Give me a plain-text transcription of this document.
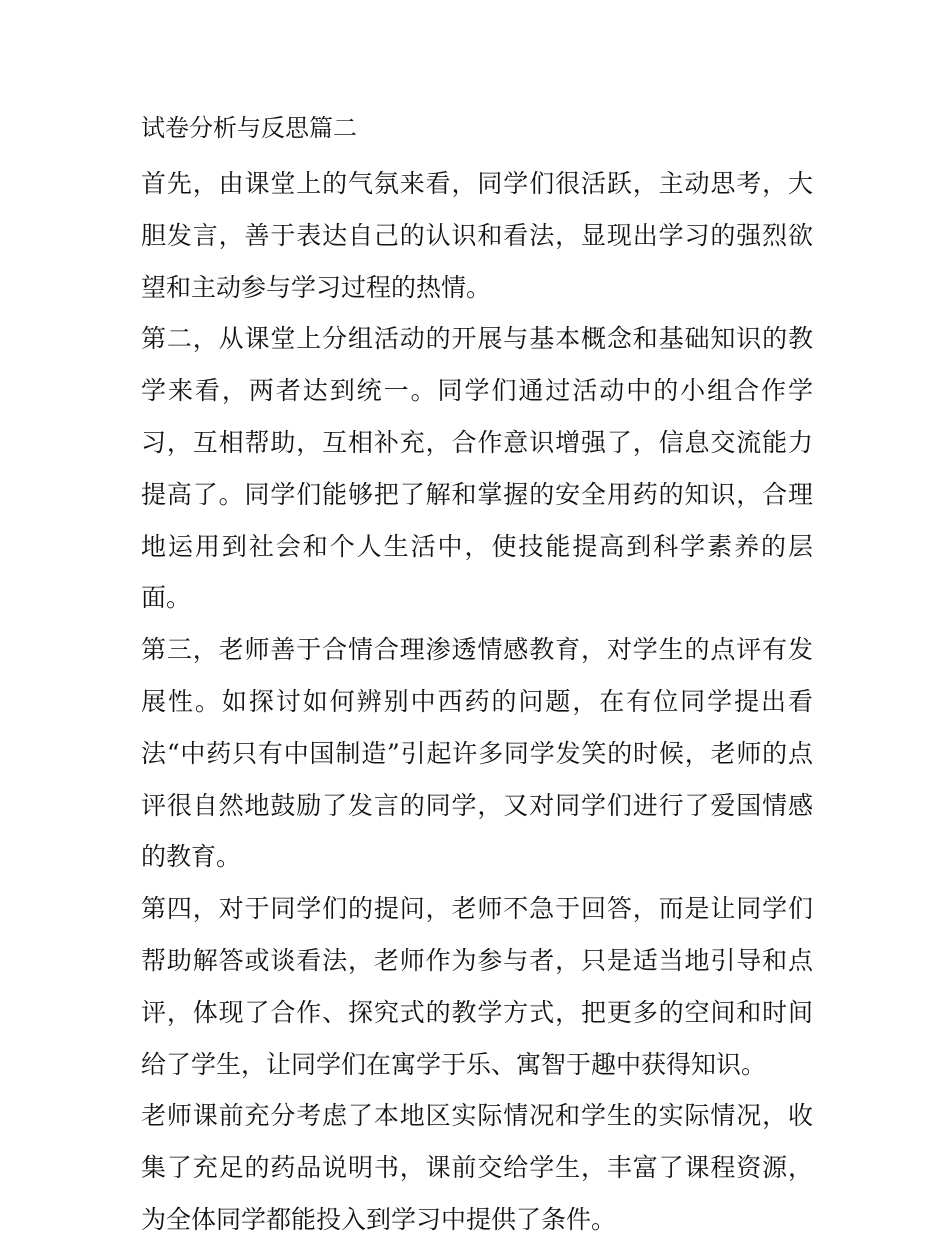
试卷分析与反思篇二

首先，由课堂上的气氛来看，同学们很活跃，主动思考，大胆发言，善于表达自己的认识和看法，显现出学习的强烈欲望和主动参与学习过程的热情。

第二，从课堂上分组活动的开展与基本概念和基础知识的教学来看，两者达到统一。同学们通过活动中的小组合作学习，互相帮助，互相补充，合作意识增强了，信息交流能力提高了。同学们能够把了解和掌握的安全用药的知识，合理地运用到社会和个人生活中，使技能提高到科学素养的层面。

第三，老师善于合情合理渗透情感教育，对学生的点评有发展性。如探讨如何辨别中西药的问题，在有位同学提出看法“中药只有中国制造”引起许多同学发笑的时候，老师的点评很自然地鼓励了发言的同学，又对同学们进行了爱国情感的教育。

第四，对于同学们的提问，老师不急于回答，而是让同学们帮助解答或谈看法，老师作为参与者，只是适当地引导和点评，体现了合作、探究式的教学方式，把更多的空间和时间给了学生，让同学们在寓学于乐、寓智于趣中获得知识。

老师课前充分考虑了本地区实际情况和学生的实际情况，收集了充足的药品说明书，课前交给学生，丰富了课程资源，为全体同学都能投入到学习中提供了条件。
